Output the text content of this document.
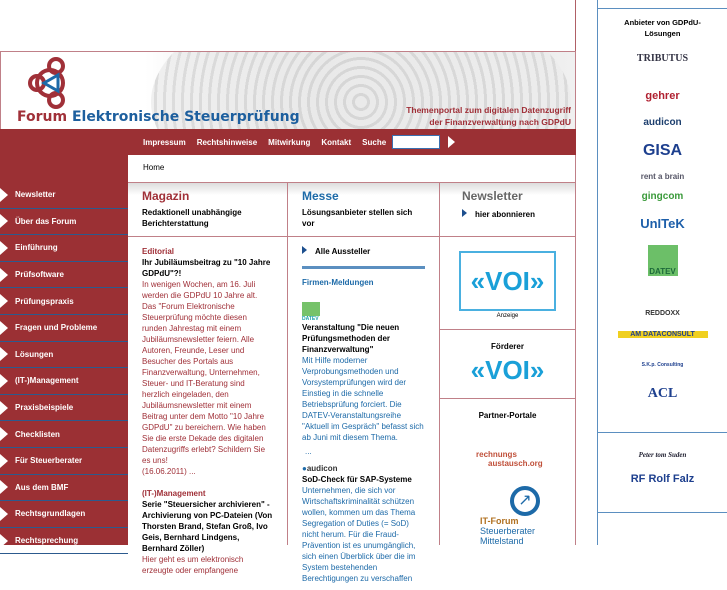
Forum Elektronische Steuerprüfung	Themenportal zum digitalen Datenzugriff
der Finanzverwaltung nach GDPdU
Impressum Rechtshinweise Mitwirkung Kontakt Suche
Newsletter
Über das Forum
Einführung
Prüfsoftware
Prüfungspraxis
Fragen und Probleme
Lösungen
(IT-)Management
Praxisbeispiele
Checklisten
Für Steuerberater
Aus dem BMF
Rechtsgrundlagen
Rechtsprechung
Home
Magazin

Redaktionell unabhängige Berichterstattung

Editorial
Ihr Jubiläumsbeitrag zu "10 Jahre GDPdU"?!
In wenigen Wochen, am 16. Juli werden die GDPdU 10 Jahre alt. Das "Forum Elektronische Steuerprüfung möchte diesen runden Jahrestag mit einem Jubiläumsnewsletter feiern. Alle Autoren, Freunde, Leser und Besucher des Portals aus Finanzverwaltung, Unternehmen, Steuer- und IT-Beratung sind herzlich eingeladen, den Jubiläumsnewsletter mit einem Beitrag unter dem Motto "10 Jahre GDPdU" zu bereichern. Wie haben Sie die erste Dekade des digitalen Datenzugriffs erlebt? Schildern Sie es uns!
(16.06.2011) ...
(IT-)Management
Serie "Steuersicher archivieren" - Archivierung von PC-Dateien (Von Thorsten Brand, Stefan Groß, Ivo Geis, Bernhard Lindgens, Bernhard Zöller)
Hier geht es um elektronisch erzeugte oder empfangene
Messe

Lösungsanbieter stellen sich vor

Alle Aussteller
Firmen-Meldungen
DATEV
Veranstaltung "Die neuen Prüfungsmethoden der Finanzverwaltung"
Mit Hilfe moderner Verprobungsmethoden und Vorsystemprüfungen wird der Einstieg in die schnelle Betriebsprüfung forciert. Die DATEV-Veranstaltungsreihe "Aktuell im Gespräch" befasst sich ab Juni mit diesem Thema.
...
●audicon
SoD-Check für SAP-Systeme
Unternehmen, die sich vor Wirtschaftskriminalität schützen wollen, kommen um das Thema Segregation of Duties (= SoD) nicht herum. Für die Fraud-Prävention ist es unumgänglich, sich einen Überblick über die im System bestehenden Berechtigungen zu verschaffen
Newsletter

hier abonnieren

«VOI»
Anzeige
Förderer
«VOI»
Partner-Portale
rechnungs
austausch.org
↗
IT-Forum
Steuerberater
Mittelstand
Anbieter von GDPdU-Lösungen
TRIBUTUS
gehrer
audicon
GISA
rent a brain
gingcom
UnITeK
DATEV
REDDOXX
AM DATACONSULT
S.K.p. Consulting
ACL
Peter tom Suden
RF Rolf Falz
